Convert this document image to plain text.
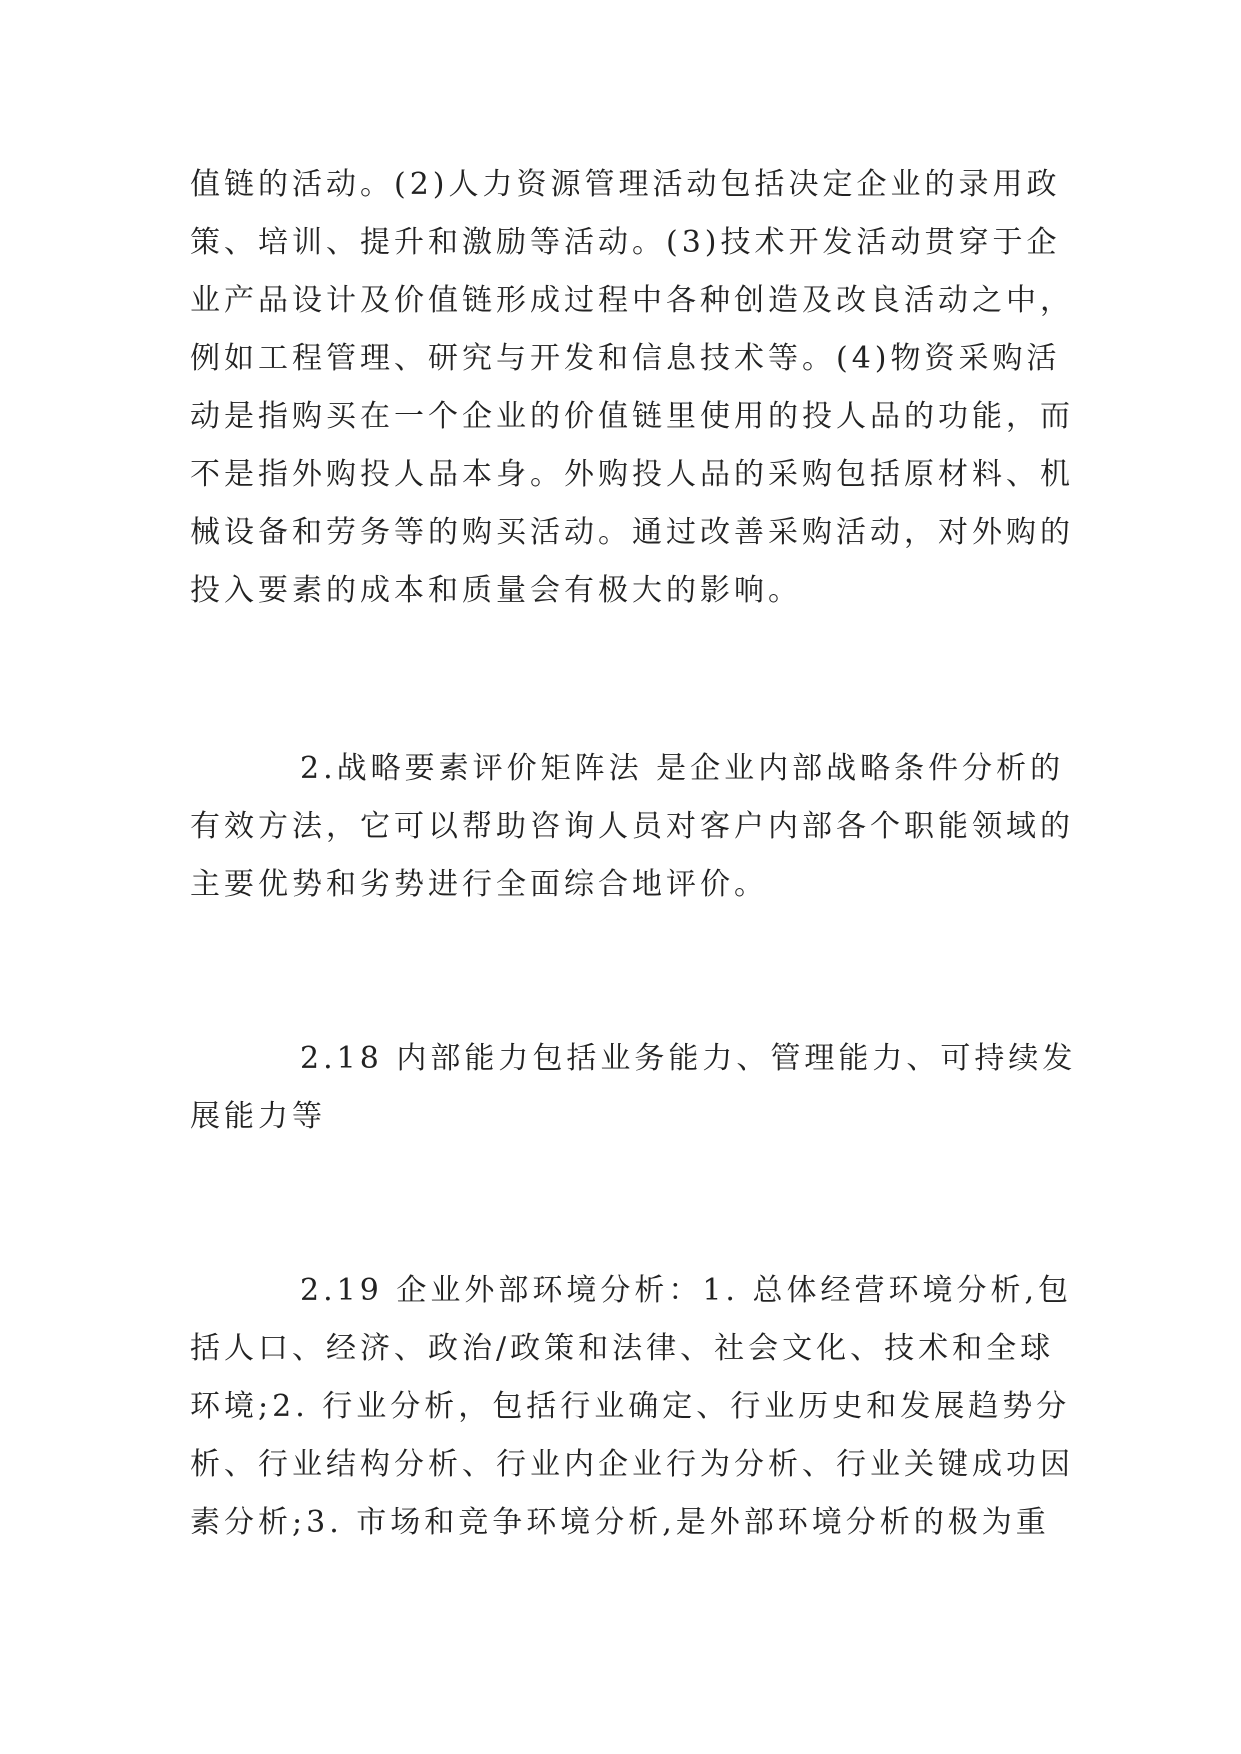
值链的活动。(2)人力资源管理活动包括决定企业的录用政
策、培训、提升和激励等活动。(3)技术开发活动贯穿于企
业产品设计及价值链形成过程中各种创造及改良活动之中，
例如工程管理、研究与开发和信息技术等。(4)物资采购活
动是指购买在一个企业的价值链里使用的投人品的功能，而
不是指外购投人品本身。外购投人品的采购包括原材料、机
械设备和劳务等的购买活动。通过改善采购活动，对外购的
投入要素的成本和质量会有极大的影响。

2.战略要素评价矩阵法 是企业内部战略条件分析的
有效方法，它可以帮助咨询人员对客户内部各个职能领域的
主要优势和劣势进行全面综合地评价。

2.18 内部能力包括业务能力、管理能力、可持续发
展能力等

2.19 企业外部环境分析：1. 总体经营环境分析,包
括人口、经济、政治/政策和法律、社会文化、技术和全球
环境;2. 行业分析，包括行业确定、行业历史和发展趋势分
析、行业结构分析、行业内企业行为分析、行业关键成功因
素分析;3. 市场和竞争环境分析,是外部环境分析的极为重
